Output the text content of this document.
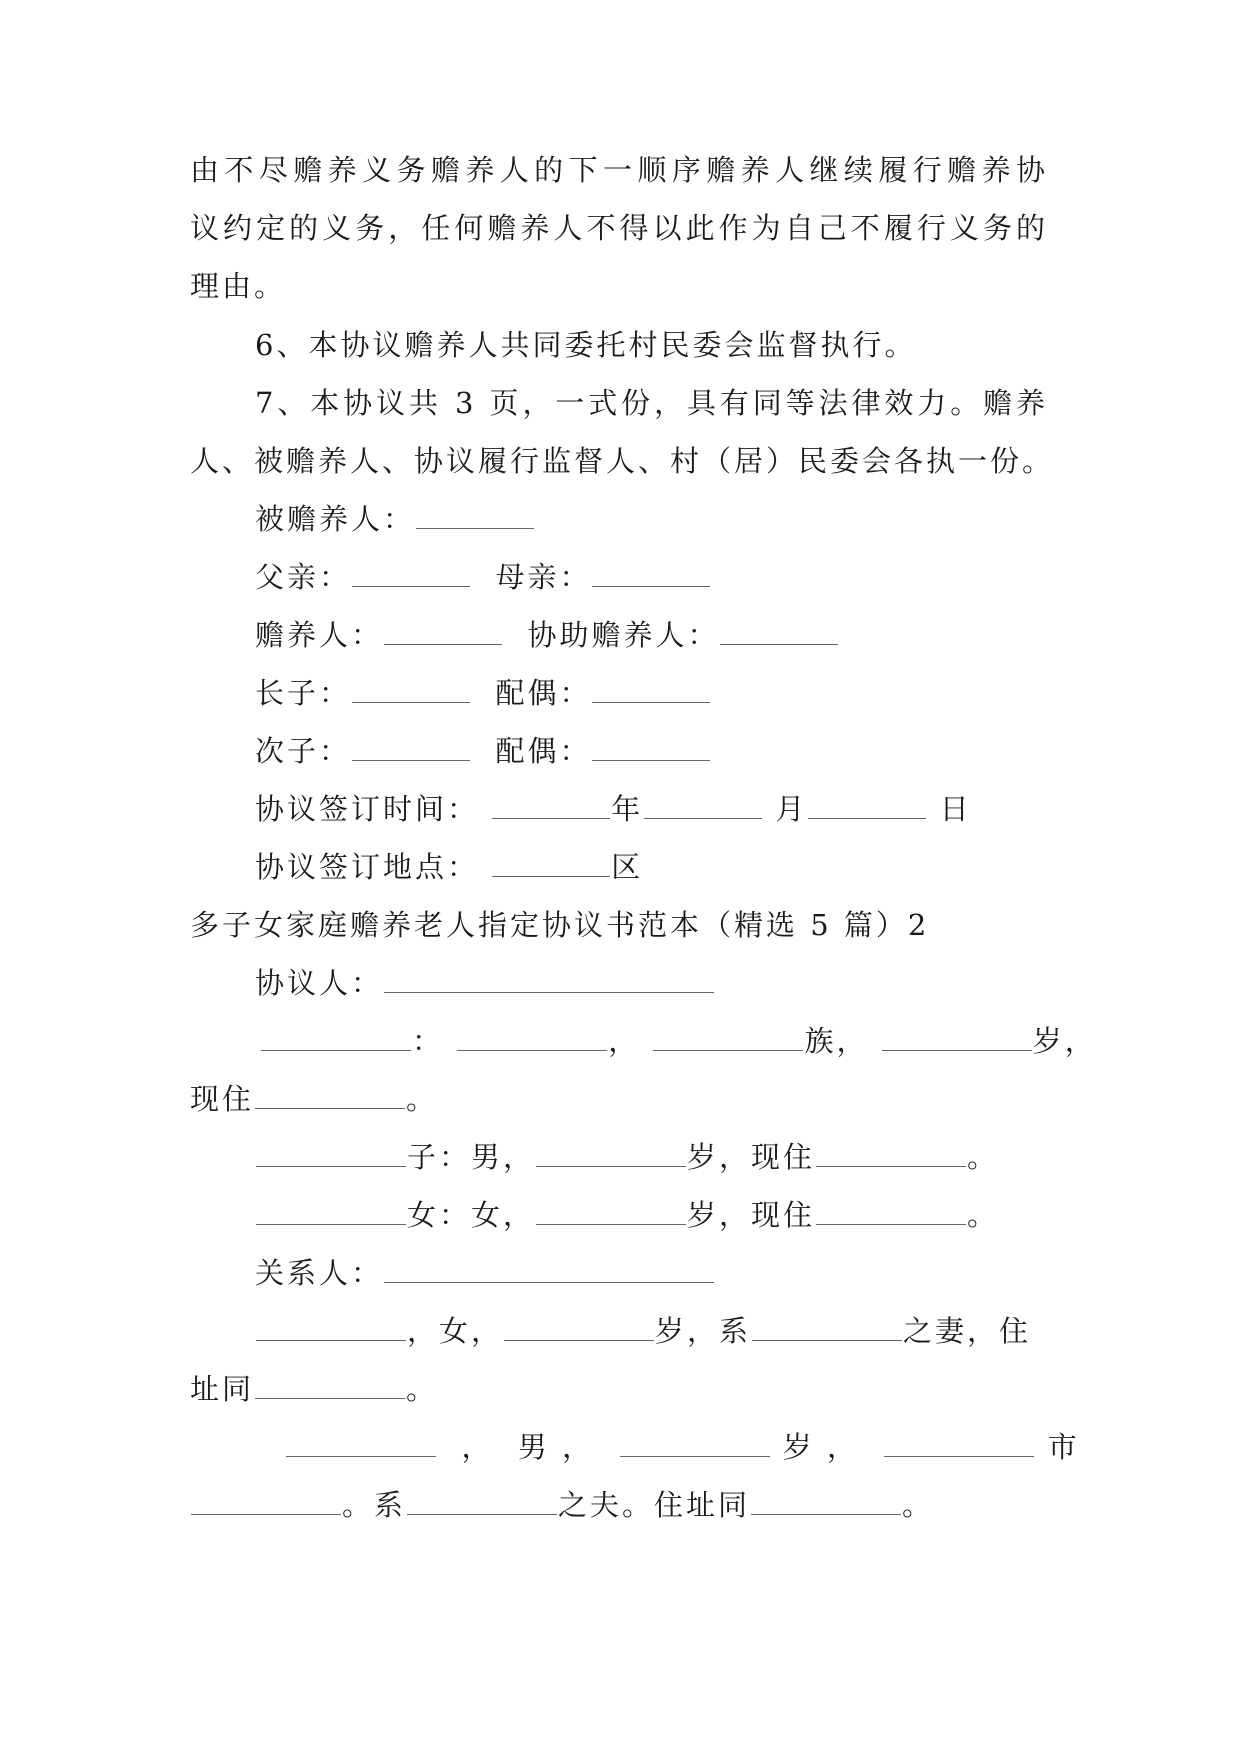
由不尽赡养义务赡养人的下一顺序赡养人继续履行赡养协
议约定的义务，任何赡养人不得以此作为自己不履行义务的
理由。
6、本协议赡养人共同委托村民委会监督执行。
7、本协议共 3 页，一式份，具有同等法律效力。赡养
人、被赡养人、协议履行监督人、村（居）民委会各执一份。
被赡养人：
父亲：	母亲：
赡养人：	协助赡养人：
长子：	配偶：
次子：	配偶：
协议签订时间：	年	月	日
协议签订地点：	区
多子女家庭赡养老人指定协议书范本（精选 5 篇）2
协议人：
：	，	族，	岁，
现住	。
子：男，	岁，现住	。
女：女，	岁，现住	。
关系人：
，女，	岁，系	之妻，住
址同	。
， 男 ，	岁 ，	市
。系	之夫。住址同	。
